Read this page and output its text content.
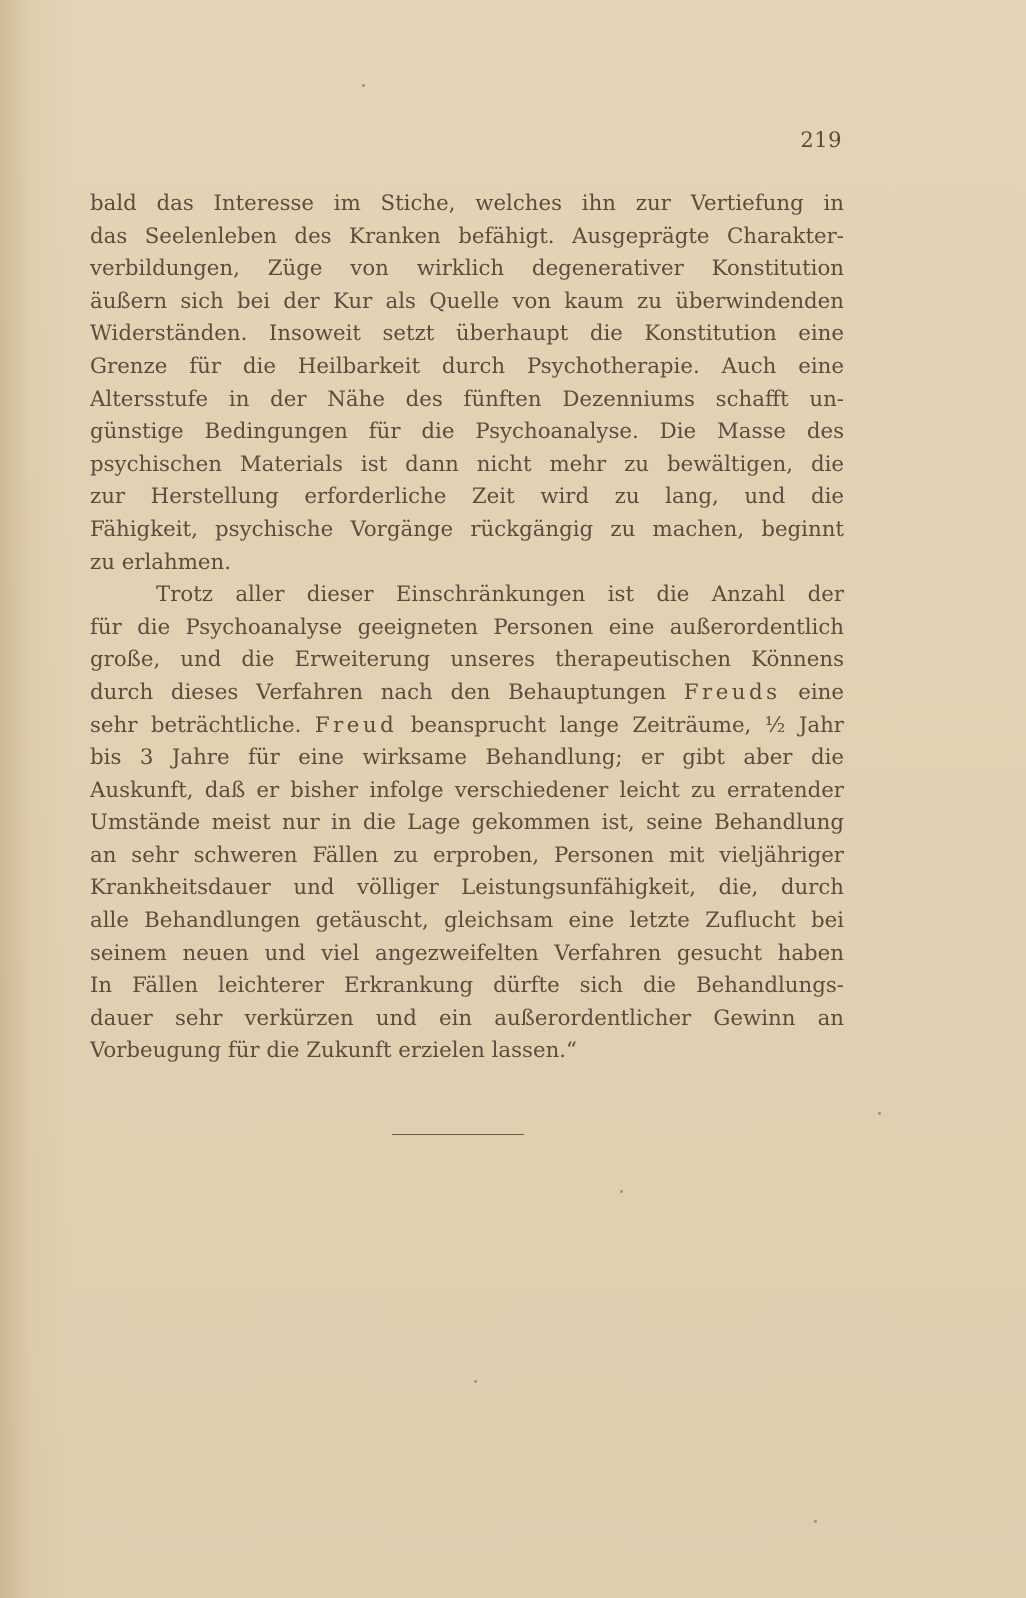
219
bald das Interesse im Stiche, welches ihn zur Vertiefung in
das Seelenleben des Kranken befähigt. Ausgeprägte Charakter-
verbildungen, Züge von wirklich degenerativer Konstitution
äußern sich bei der Kur als Quelle von kaum zu überwindenden
Widerständen. Insoweit setzt überhaupt die Konstitution eine
Grenze für die Heilbarkeit durch Psychotherapie. Auch eine
Altersstufe in der Nähe des fünften Dezenniums schafft un-
günstige Bedingungen für die Psychoanalyse. Die Masse des
psychischen Materials ist dann nicht mehr zu bewältigen, die
zur Herstellung erforderliche Zeit wird zu lang, und die
Fähigkeit, psychische Vorgänge rückgängig zu machen, beginnt
zu erlahmen.
Trotz aller dieser Einschränkungen ist die Anzahl der
für die Psychoanalyse geeigneten Personen eine außerordentlich
große, und die Erweiterung unseres therapeutischen Könnens
durch dieses Verfahren nach den Behauptungen Freuds eine
sehr beträchtliche. Freud beansprucht lange Zeiträume, ½ Jahr
bis 3 Jahre für eine wirksame Behandlung; er gibt aber die
Auskunft, daß er bisher infolge verschiedener leicht zu erratender
Umstände meist nur in die Lage gekommen ist, seine Behandlung
an sehr schweren Fällen zu erproben, Personen mit vieljähriger
Krankheitsdauer und völliger Leistungsunfähigkeit, die, durch
alle Behandlungen getäuscht, gleichsam eine letzte Zuflucht bei
seinem neuen und viel angezweifelten Verfahren gesucht haben
In Fällen leichterer Erkrankung dürfte sich die Behandlungs-
dauer sehr verkürzen und ein außerordentlicher Gewinn an
Vorbeugung für die Zukunft erzielen lassen.“
